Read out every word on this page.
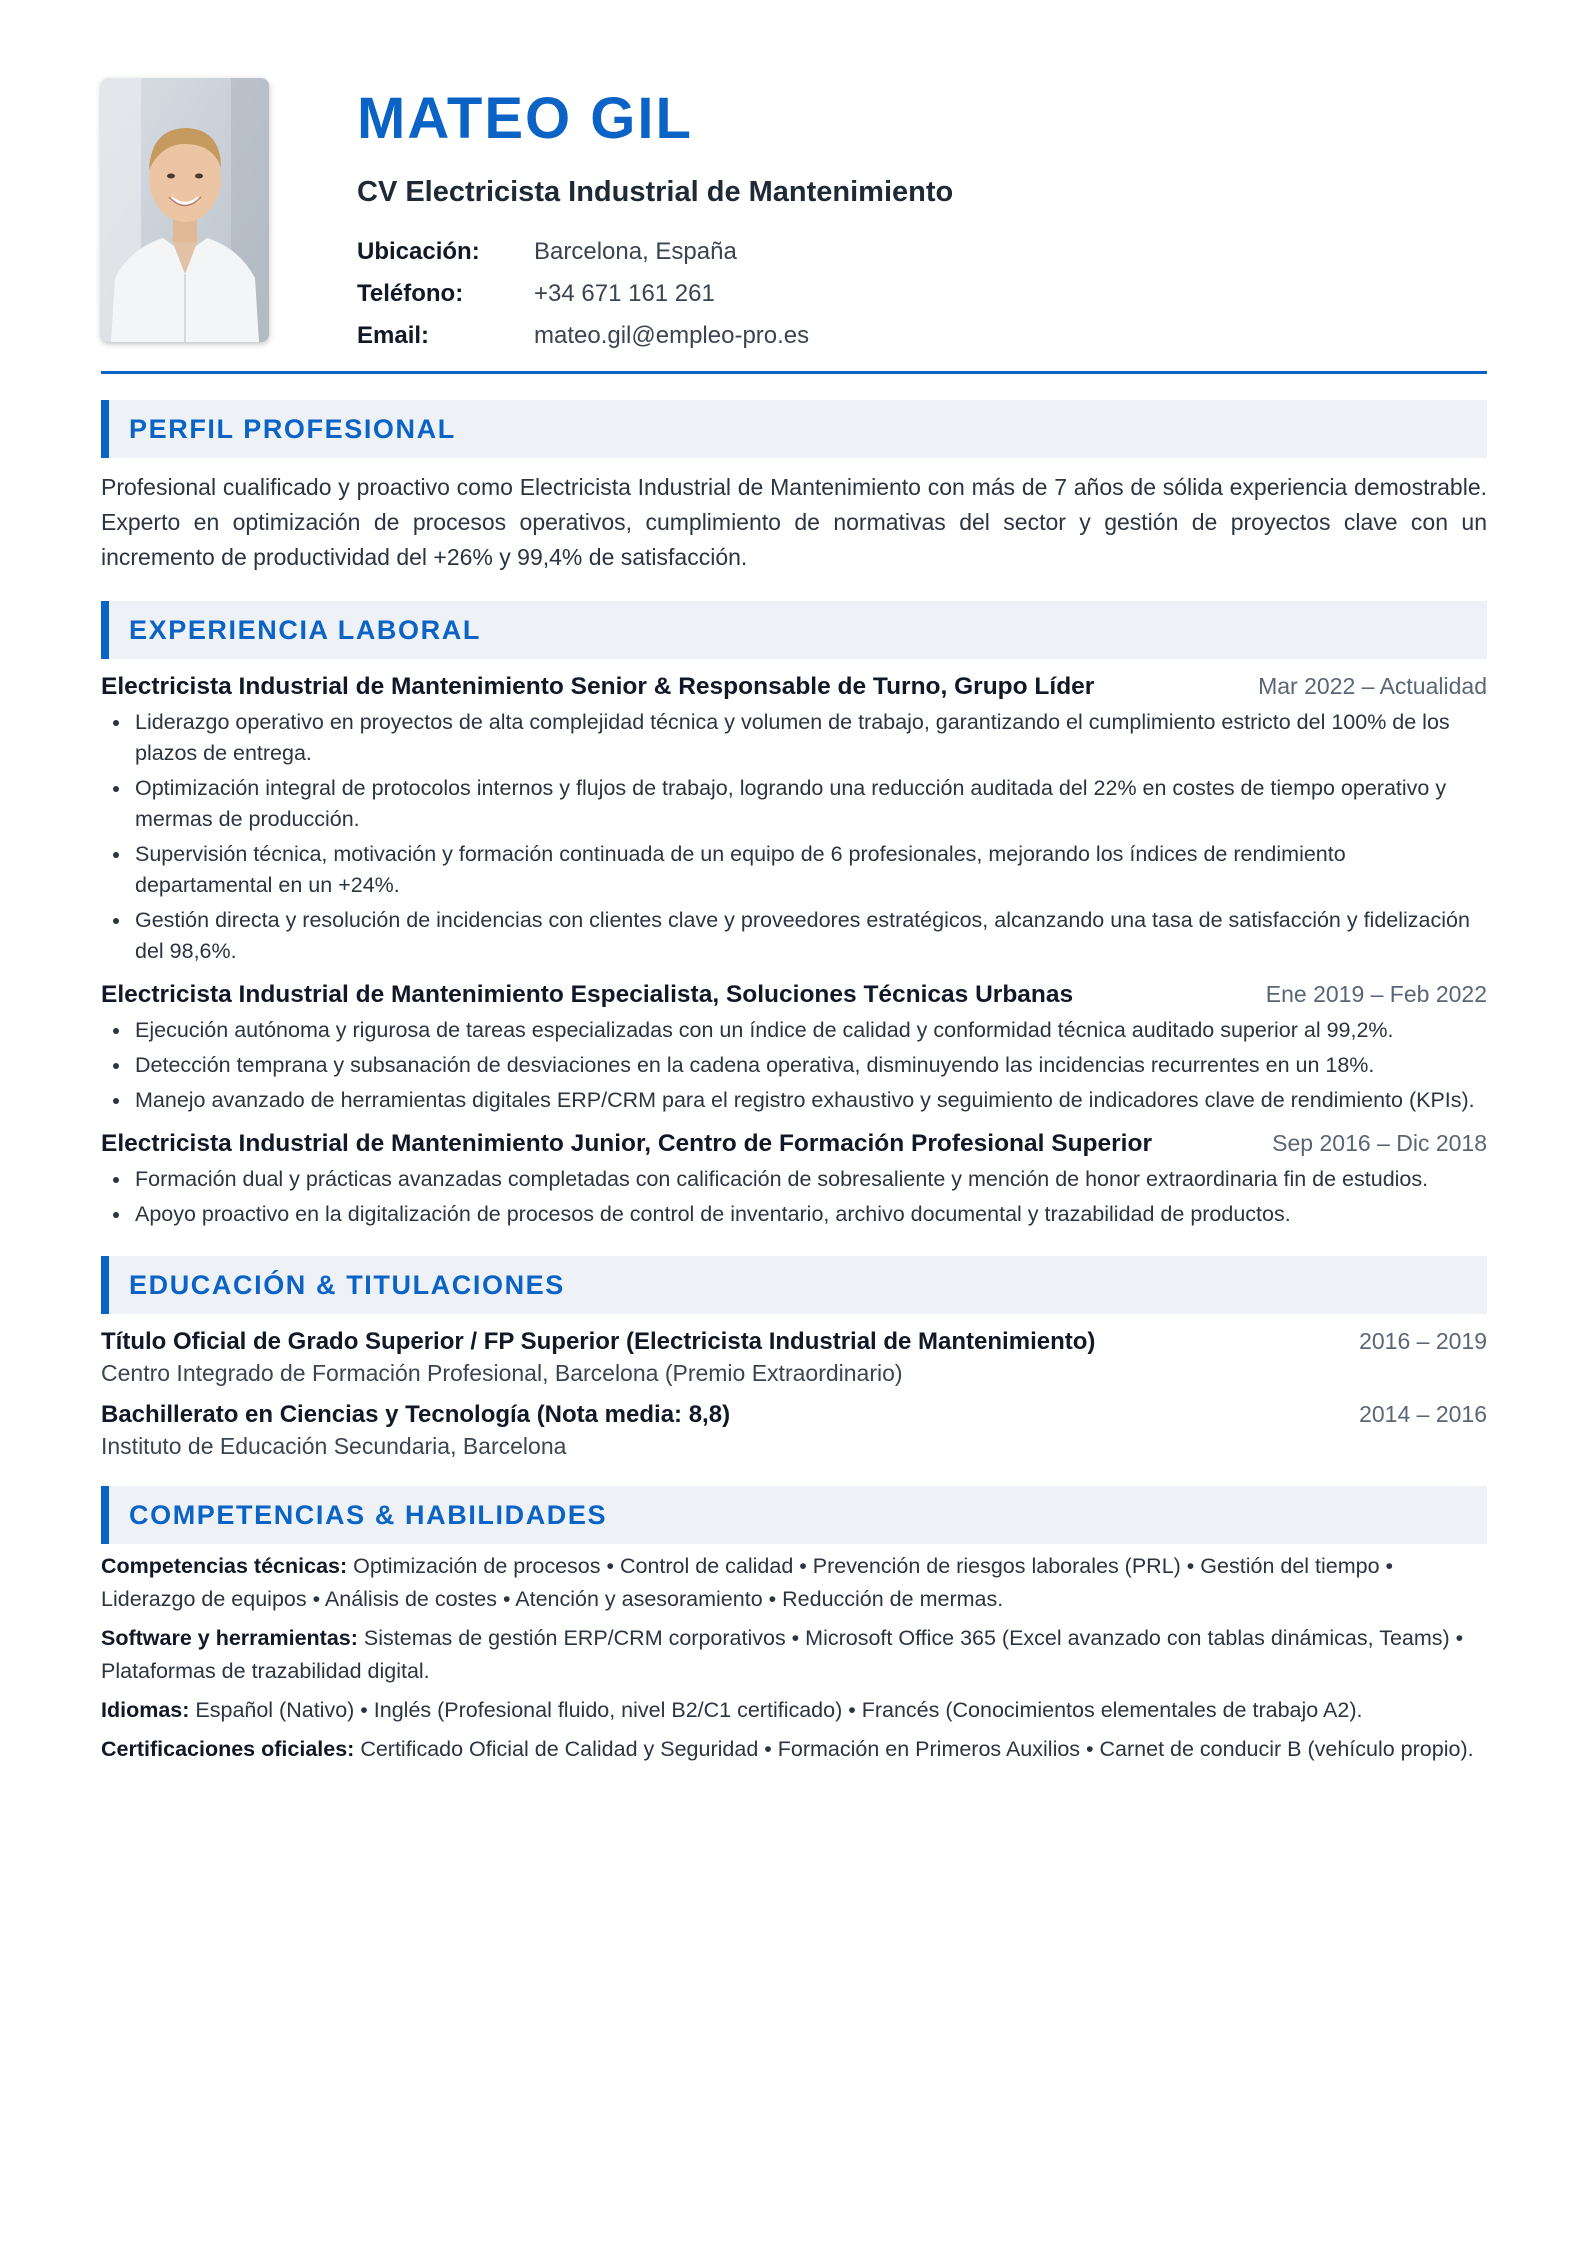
MATEO GIL
CV Electricista Industrial de Mantenimiento
Ubicación:	Barcelona, España
Teléfono:	+34 671 161 261
Email:	mateo.gil@empleo-pro.es
PERFIL PROFESIONAL
Profesional cualificado y proactivo como Electricista Industrial de Mantenimiento con más de 7 años de sólida experiencia demostrable. Experto en optimización de procesos operativos, cumplimiento de normativas del sector y gestión de proyectos clave con un incremento de productividad del +26% y 99,4% de satisfacción.
EXPERIENCIA LABORAL
Electricista Industrial de Mantenimiento Senior & Responsable de Turno, Grupo Líder	Mar 2022 – Actualidad
Liderazgo operativo en proyectos de alta complejidad técnica y volumen de trabajo, garantizando el cumplimiento estricto del 100% de los plazos de entrega.
Optimización integral de protocolos internos y flujos de trabajo, logrando una reducción auditada del 22% en costes de tiempo operativo y mermas de producción.
Supervisión técnica, motivación y formación continuada de un equipo de 6 profesionales, mejorando los índices de rendimiento departamental en un +24%.
Gestión directa y resolución de incidencias con clientes clave y proveedores estratégicos, alcanzando una tasa de satisfacción y fidelización del 98,6%.
Electricista Industrial de Mantenimiento Especialista, Soluciones Técnicas Urbanas	Ene 2019 – Feb 2022
Ejecución autónoma y rigurosa de tareas especializadas con un índice de calidad y conformidad técnica auditado superior al 99,2%.
Detección temprana y subsanación de desviaciones en la cadena operativa, disminuyendo las incidencias recurrentes en un 18%.
Manejo avanzado de herramientas digitales ERP/CRM para el registro exhaustivo y seguimiento de indicadores clave de rendimiento (KPIs).
Electricista Industrial de Mantenimiento Junior, Centro de Formación Profesional Superior	Sep 2016 – Dic 2018
Formación dual y prácticas avanzadas completadas con calificación de sobresaliente y mención de honor extraordinaria fin de estudios.
Apoyo proactivo en la digitalización de procesos de control de inventario, archivo documental y trazabilidad de productos.
EDUCACIÓN & TITULACIONES
Título Oficial de Grado Superior / FP Superior (Electricista Industrial de Mantenimiento)	2016 – 2019
Centro Integrado de Formación Profesional, Barcelona (Premio Extraordinario)
Bachillerato en Ciencias y Tecnología (Nota media: 8,8)	2014 – 2016
Instituto de Educación Secundaria, Barcelona
COMPETENCIAS & HABILIDADES
Competencias técnicas: Optimización de procesos • Control de calidad • Prevención de riesgos laborales (PRL) • Gestión del tiempo • Liderazgo de equipos • Análisis de costes • Atención y asesoramiento • Reducción de mermas.
Software y herramientas: Sistemas de gestión ERP/CRM corporativos • Microsoft Office 365 (Excel avanzado con tablas dinámicas, Teams) • Plataformas de trazabilidad digital.
Idiomas: Español (Nativo) • Inglés (Profesional fluido, nivel B2/C1 certificado) • Francés (Conocimientos elementales de trabajo A2).
Certificaciones oficiales: Certificado Oficial de Calidad y Seguridad • Formación en Primeros Auxilios • Carnet de conducir B (vehículo propio).
